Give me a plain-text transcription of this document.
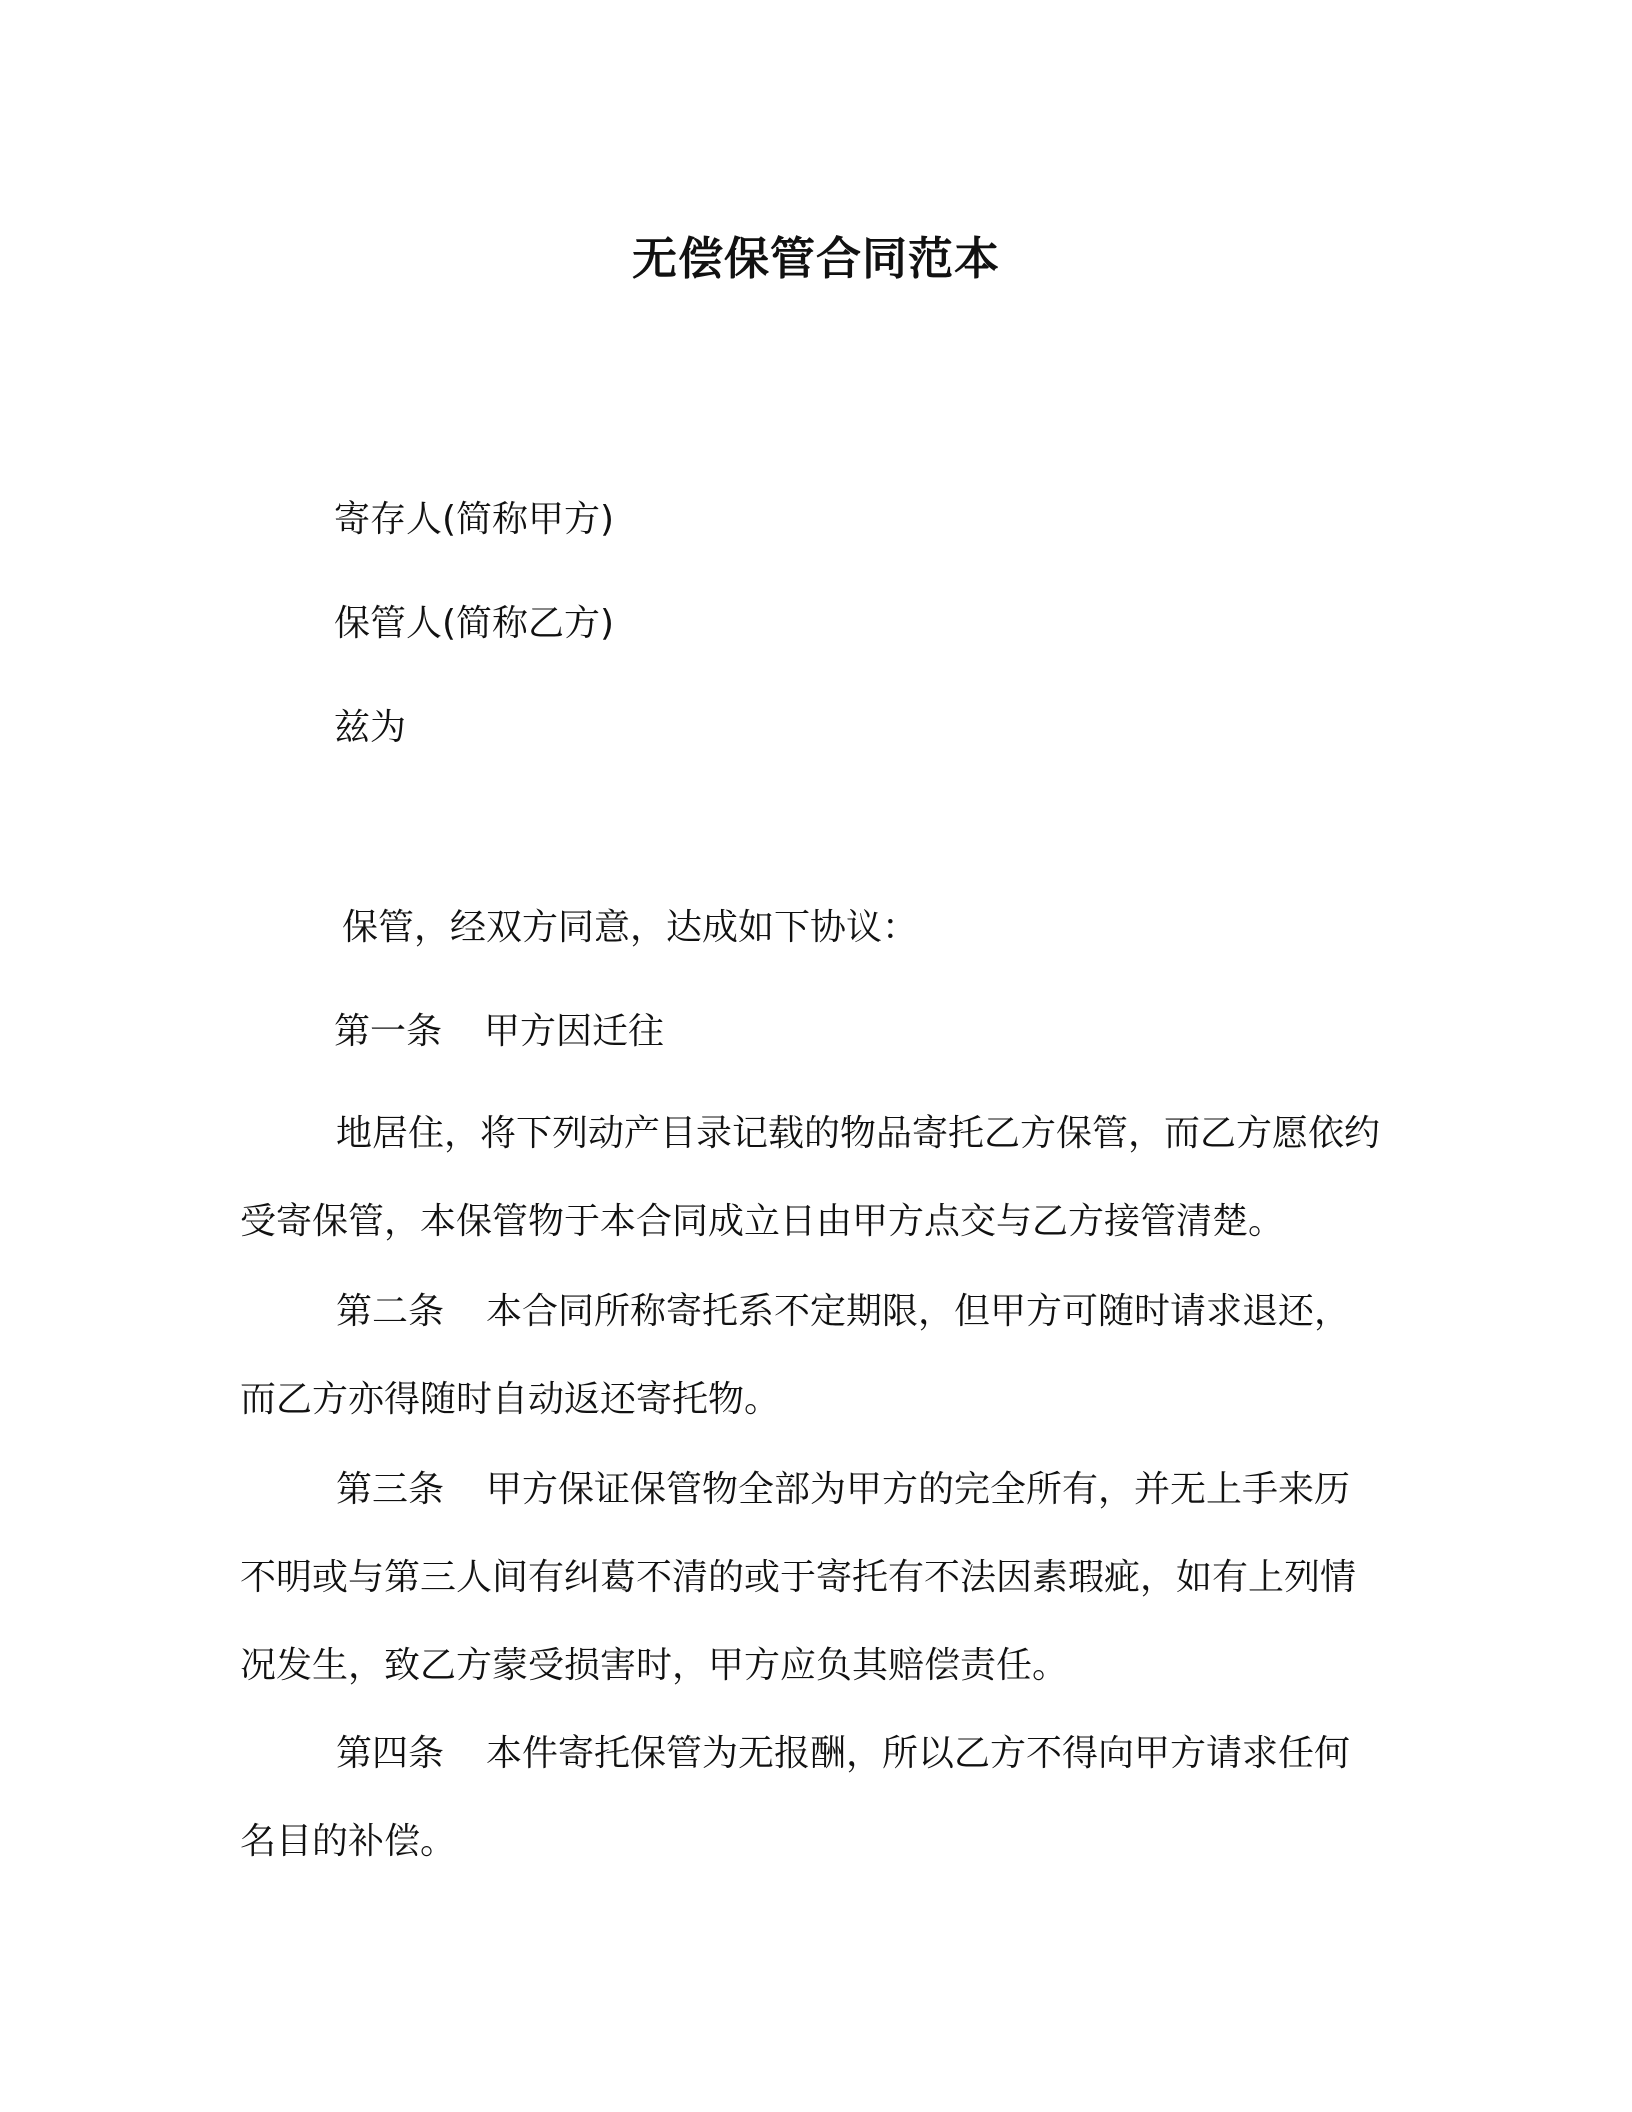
无偿保管合同范本
寄存人(简称甲方)
保管人(简称乙方)
兹为
保管，经双方同意，达成如下协议：
第一条 甲方因迁往
地居住，将下列动产目录记载的物品寄托乙方保管，而乙方愿依约受寄保管，本保管物于本合同成立日由甲方点交与乙方接管清楚。
第二条 本合同所称寄托系不定期限，但甲方可随时请求退还，而乙方亦得随时自动返还寄托物。
第三条 甲方保证保管物全部为甲方的完全所有，并无上手来历不明或与第三人间有纠葛不清的或于寄托有不法因素瑕疵，如有上列情况发生，致乙方蒙受损害时，甲方应负其赔偿责任。
第四条 本件寄托保管为无报酬，所以乙方不得向甲方请求任何名目的补偿。
